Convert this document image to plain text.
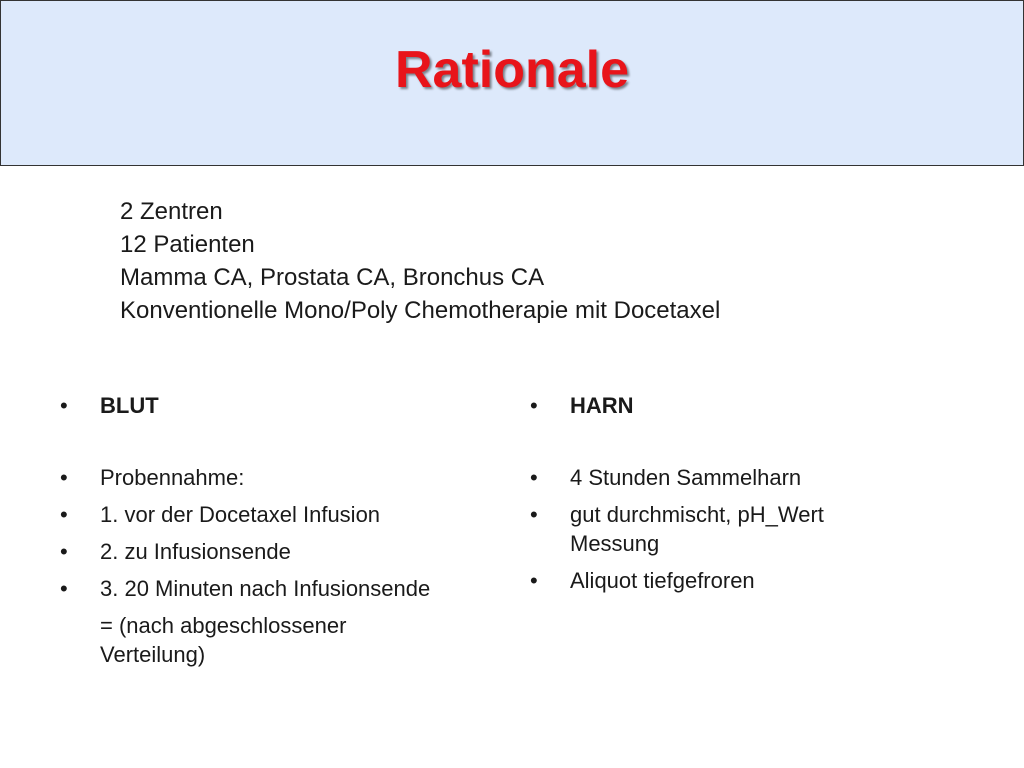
Rationale
2 Zentren
12 Patienten
Mamma CA, Prostata CA, Bronchus CA
Konventionelle Mono/Poly Chemotherapie mit Docetaxel
•	BLUT
•	Probennahme:
•	1. vor der Docetaxel Infusion
•	2. zu Infusionsende
•	3. 20 Minuten nach Infusionsende
= (nach abgeschlossener Verteilung)
•	HARN
•	4 Stunden Sammelharn
•	gut durchmischt, pH_Wert Messung
•	Aliquot tiefgefroren
